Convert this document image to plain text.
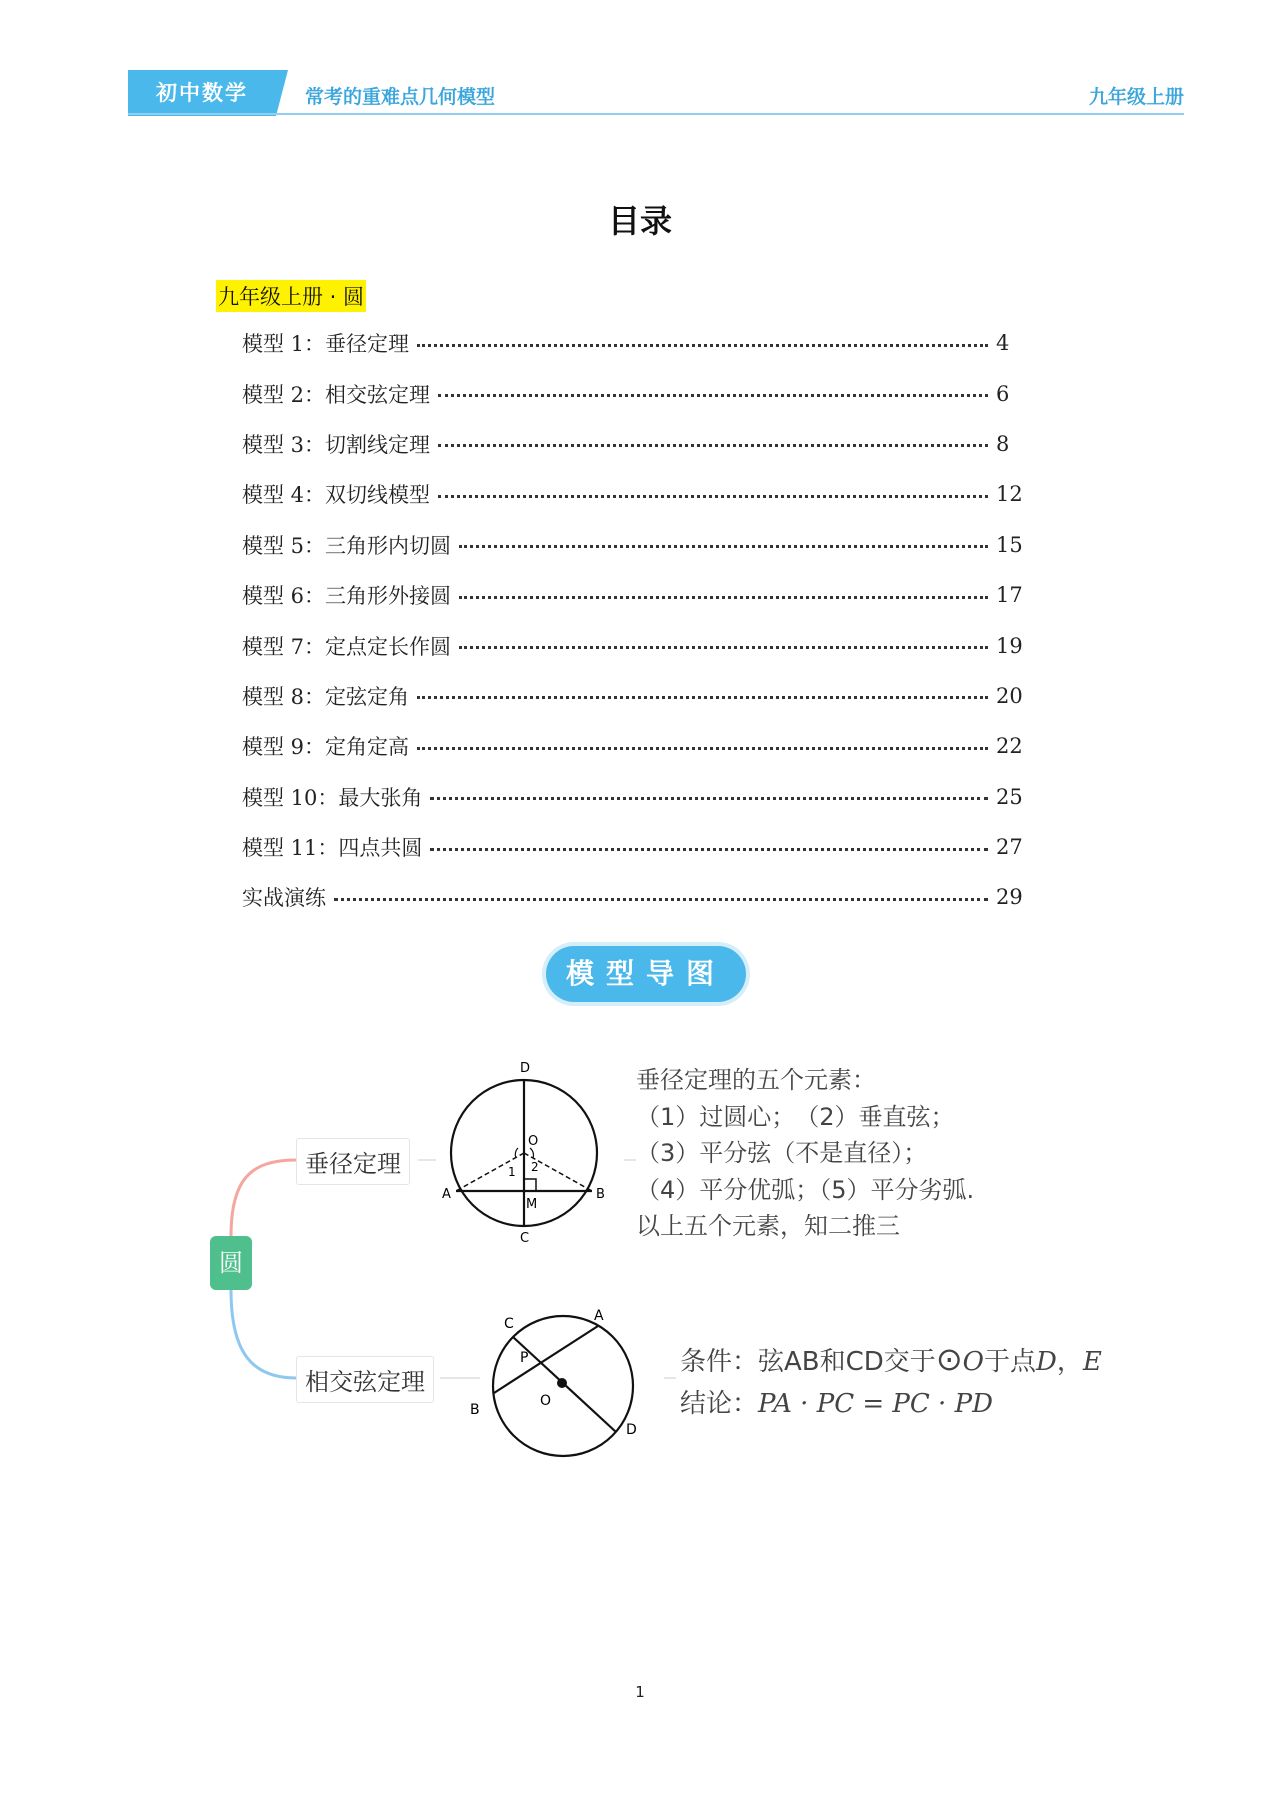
初中数学	常考的重难点几何模型	九年级上册
目录
九年级上册 · 圆
模型 1：垂径定理	4
模型 2：相交弦定理	6
模型 3：切割线定理	8
模型 4：双切线模型	12
模型 5：三角形内切圆	15
模型 6：三角形外接圆	17
模型 7：定点定长作圆	19
模型 8：定弦定角	20
模型 9：定角定高	22
模型 10：最大张角	25
模型 11：四点共圆	27
实战演练	29
模型导图
圆
垂径定理
相交弦定理
D
O
A	B
M
C
1 2
垂径定理的五个元素：
（1）过圆心；　（2）垂直弦；
（3）平分弦（不是直径）；
（4）平分优弧；（5）平分劣弧.
以上五个元素，知二推三
C	A
P
B
O
D
条件：弦AB和CD交于⊙O于点D，E
结论：PA · PC = PC · PD
1
